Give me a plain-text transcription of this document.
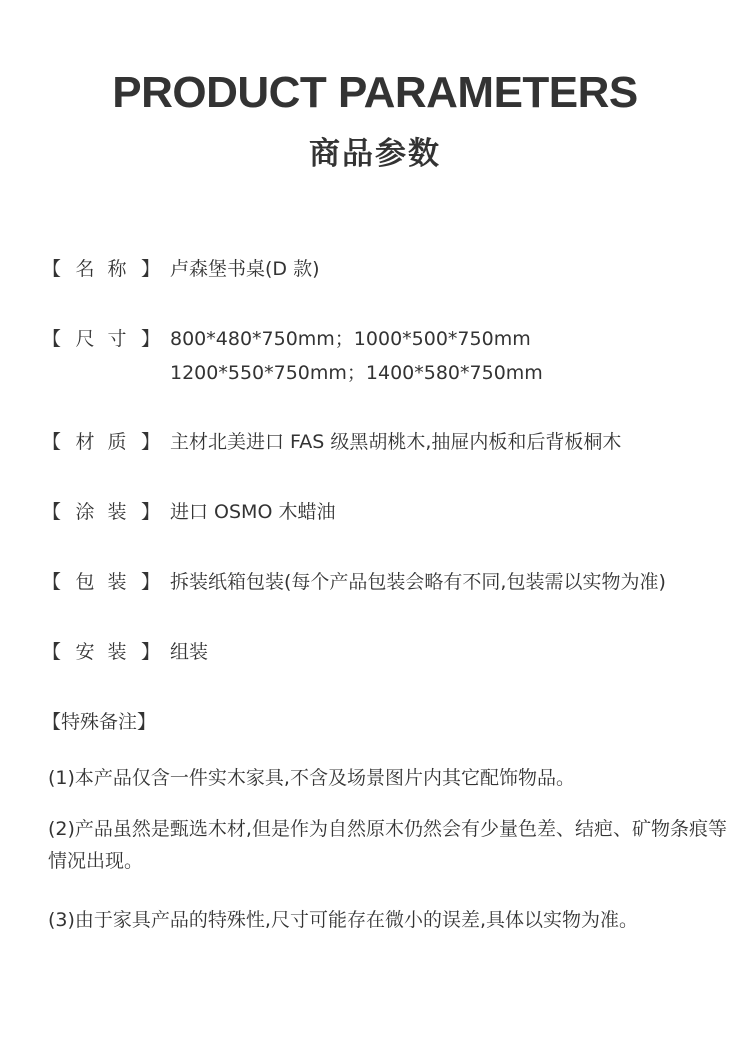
PRODUCT PARAMETERS
商品参数
【 名 称 】 卢森堡书桌(D 款)
【 尺 寸 】 800*480*750mm；1000*500*750mm
1200*550*750mm；1400*580*750mm
【 材 质 】 主材北美进口 FAS 级黑胡桃木,抽屉内板和后背板桐木
【 涂 装 】 进口 OSMO 木蜡油
【 包 装 】 拆装纸箱包装(每个产品包装会略有不同,包装需以实物为准)
【 安 装 】 组装
【特殊备注】
(1)本产品仅含一件实木家具,不含及场景图片内其它配饰物品。
(2)产品虽然是甄选木材,但是作为自然原木仍然会有少量色差、结疤、矿物条痕等情况出现。
(3)由于家具产品的特殊性,尺寸可能存在微小的误差,具体以实物为准。
